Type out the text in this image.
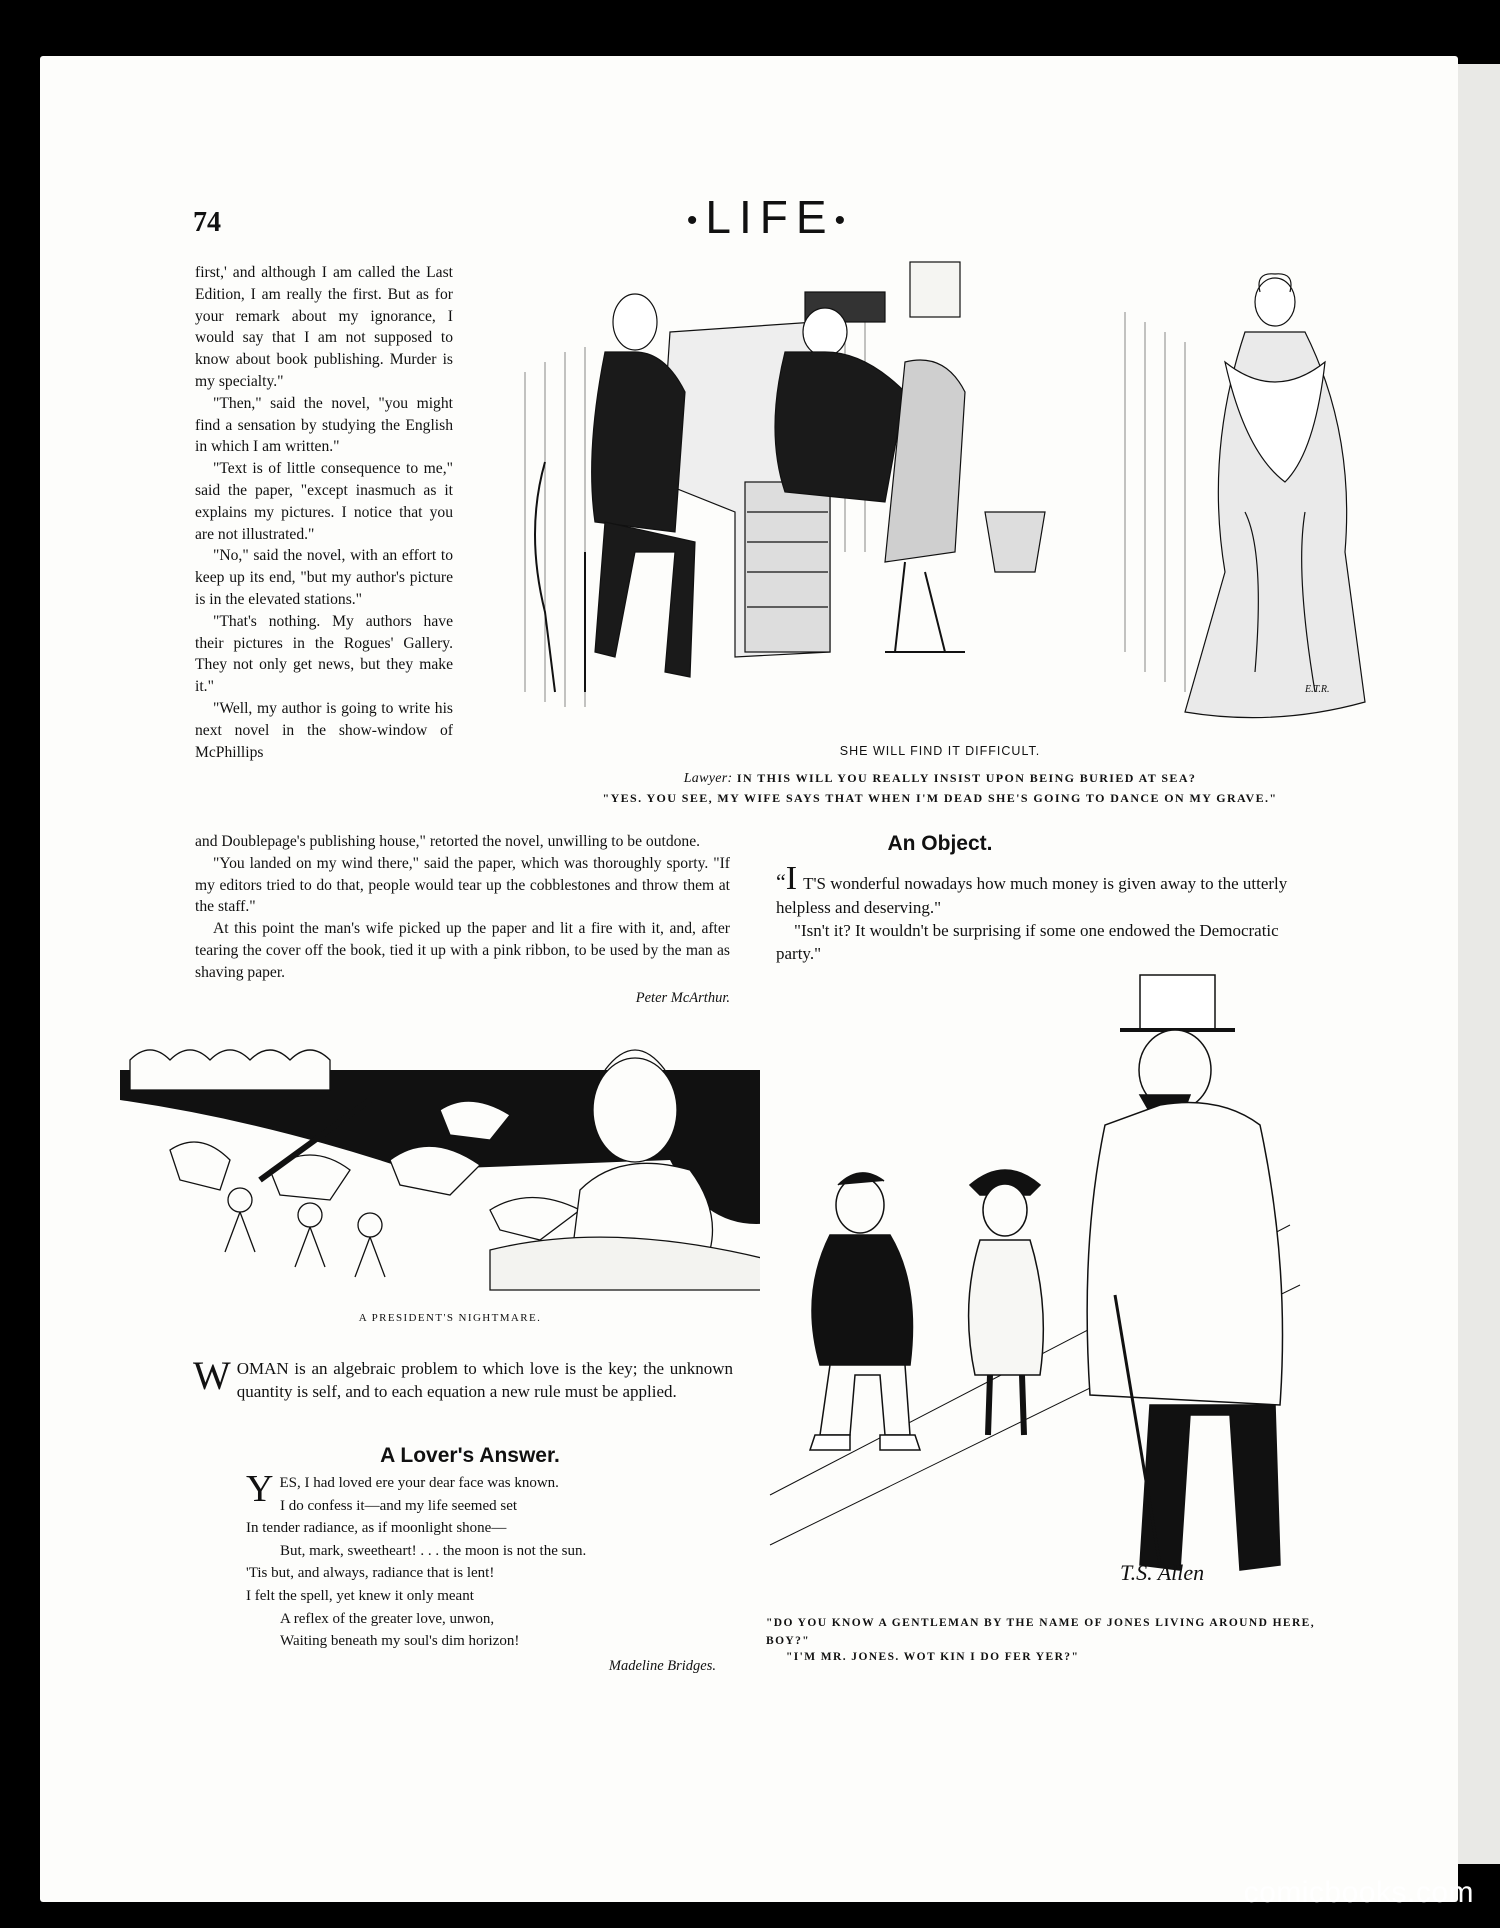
74	•LIFE•

first,' and although I am called the Last Edition, I am really the first. But as for your remark about my ignorance, I would say that I am not supposed to know about book publishing. Murder is my specialty."

"Then," said the novel, "you might find a sensation by studying the English in which I am written."

"Text is of little consequence to me," said the paper, "except inasmuch as it explains my pictures. I notice that you are not illustrated."

"No," said the novel, with an effort to keep up its end, "but my author's picture is in the elevated stations."

"That's nothing. My authors have their pictures in the Rogues' Gallery. They not only get news, but they make it."

"Well, my author is going to write his next novel in the show-window of McPhillips

and Doublepage's publishing house," retorted the novel, unwilling to be outdone.

"You landed on my wind there," said the paper, which was thoroughly sporty. "If my editors tried to do that, people would tear up the cobblestones and throw them at the staff."

At this point the man's wife picked up the paper and lit a fire with it, and, after tearing the cover off the book, tied it up with a pink ribbon, to be used by the man as shaving paper.

Peter McArthur.

E.T.R.
SHE WILL FIND IT DIFFICULT.
Lawyer: IN THIS WILL YOU REALLY INSIST UPON BEING BURIED AT SEA?
"YES. YOU SEE, MY WIFE SAYS THAT WHEN I'M DEAD SHE'S GOING TO DANCE ON MY GRAVE."
An Object.

“I T'S wonderful nowadays how much money is given away to the utterly helpless and deserving."

"Isn't it? It wouldn't be surprising if some one endowed the Democratic party."

A PRESIDENT'S NIGHTMARE.
WOMAN is an algebraic problem to which love is the key; the unknown quantity is self, and to each equation a new rule must be applied.
A Lover's Answer.
YES, I had loved ere your dear face was known.
I do confess it—and my life seemed set
In tender radiance, as if moonlight shone—
But, mark, sweetheart! . . . the moon is not the sun.
'Tis but, and always, radiance that is lent!
I felt the spell, yet knew it only meant
A reflex of the greater love, unwon,
Waiting beneath my soul's dim horizon!
Madeline Bridges.
T.S. Allen
"DO YOU KNOW A GENTLEMAN BY THE NAME OF JONES LIVING AROUND HERE, BOY?"
"I'M MR. JONES. WOT KIN I DO FER YER?"
comicbooks.com
